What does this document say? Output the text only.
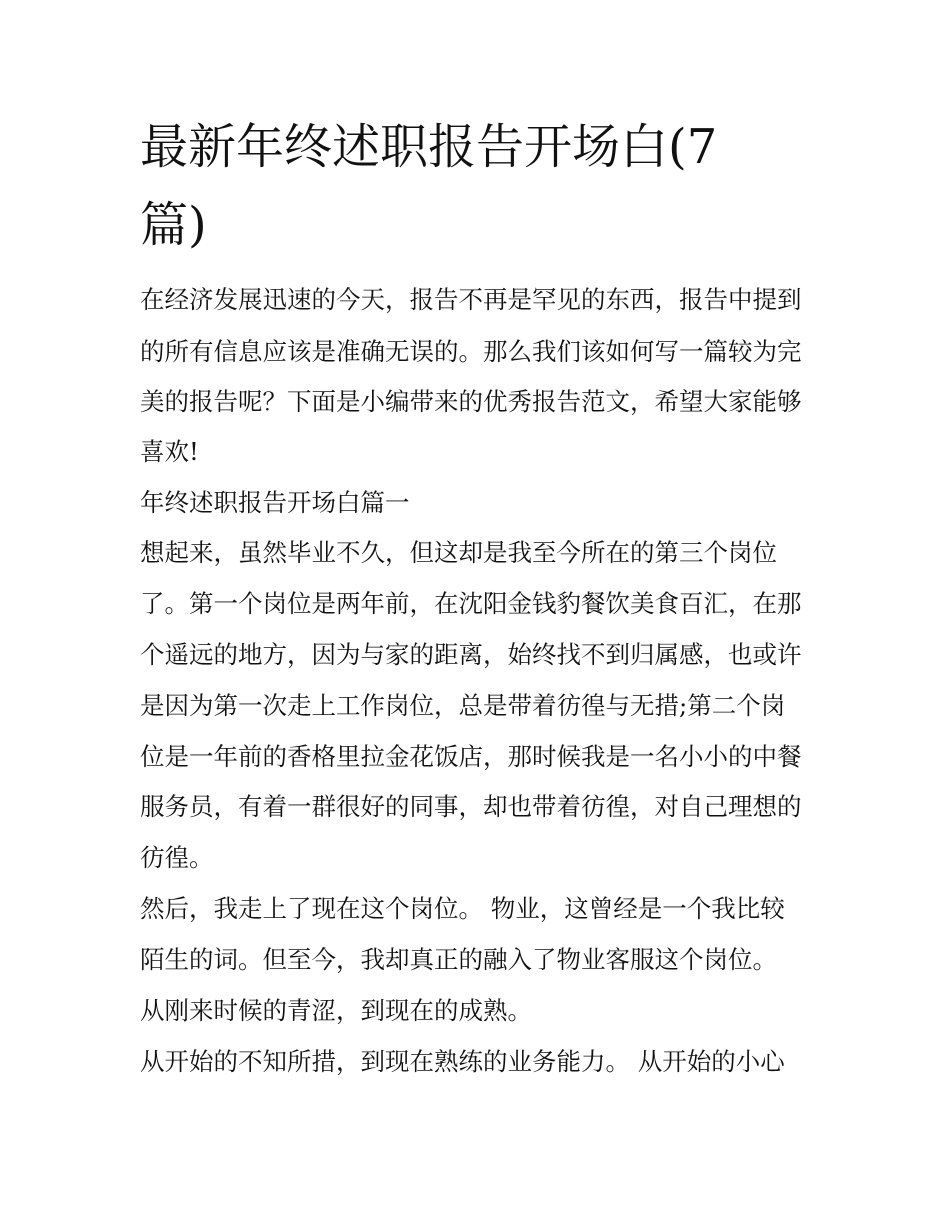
最新年终述职报告开场白(7篇)

在经济发展迅速的今天，报告不再是罕见的东西，报告中提到

的所有信息应该是准确无误的。那么我们该如何写一篇较为完

美的报告呢？下面是小编带来的优秀报告范文，希望大家能够

喜欢!

年终述职报告开场白篇一

想起来，虽然毕业不久，但这却是我至今所在的第三个岗位

了。第一个岗位是两年前，在沈阳金钱豹餐饮美食百汇，在那

个遥远的地方，因为与家的距离，始终找不到归属感，也或许

是因为第一次走上工作岗位，总是带着彷徨与无措;第二个岗

位是一年前的香格里拉金花饭店，那时候我是一名小小的中餐

服务员，有着一群很好的同事，却也带着彷徨，对自己理想的

彷徨。

然后，我走上了现在这个岗位。 物业，这曾经是一个我比较

陌生的词。但至今，我却真正的融入了物业客服这个岗位。

从刚来时候的青涩，到现在的成熟。

从开始的不知所措，到现在熟练的业务能力。 从开始的小心
